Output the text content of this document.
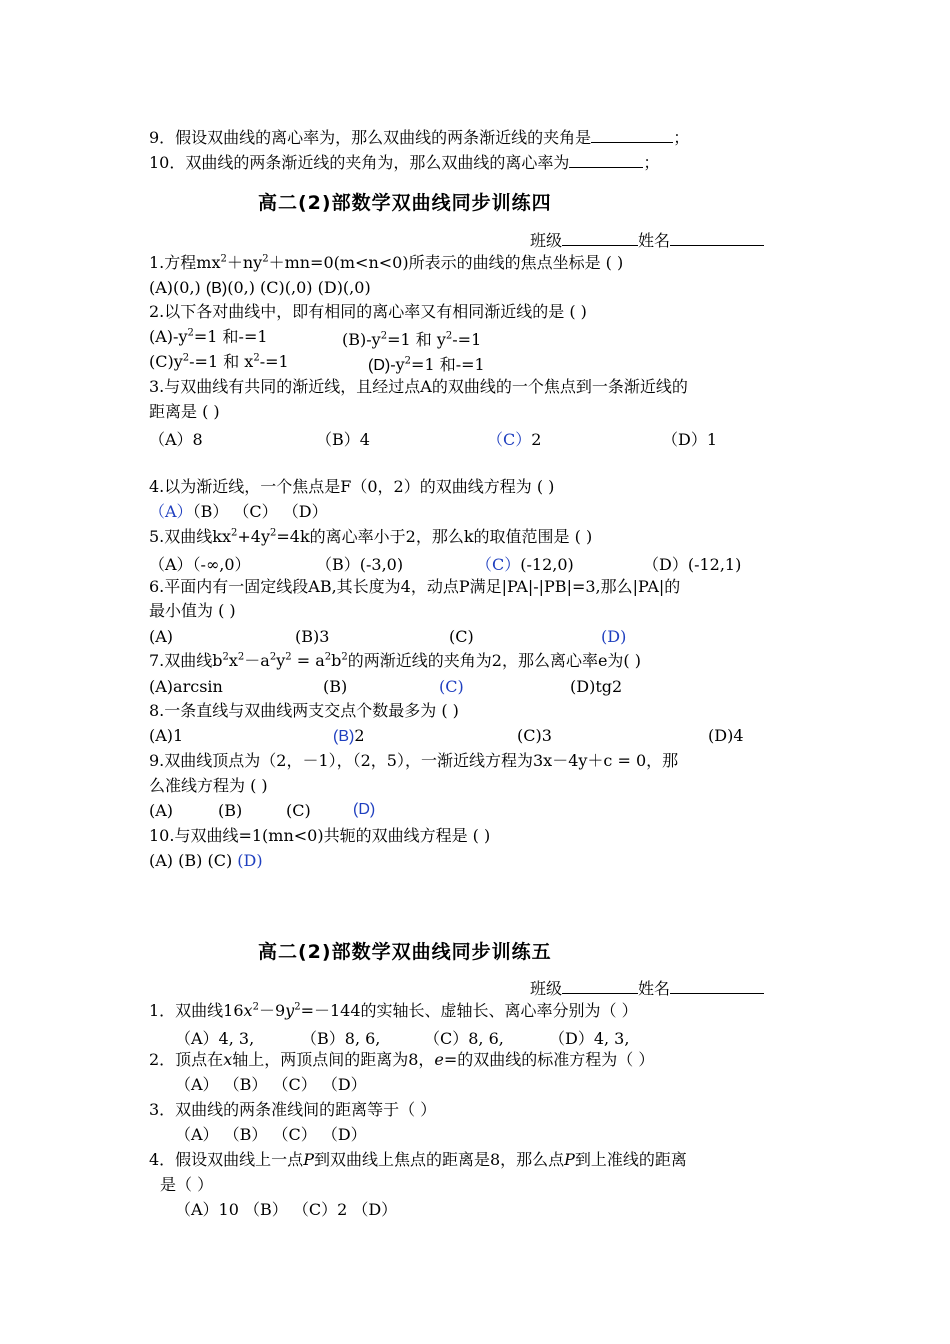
9．假设双曲线的离心率为，那么双曲线的两条渐近线的夹角是	；
10．双曲线的两条渐近线的夹角为，那么双曲线的离心率为	；
高二(2)部数学双曲线同步训练四
班级	姓名
1.方程$mx^2+ny^2+mn=0(m<n<0)$所表示的曲线的焦点坐标是 ( )
(A)(0,) (B)(0,) (C)(,0) (D)(,0)
2.以下各对曲线中，即有相同的离心率又有相同渐近线的是 ( )
$(A)-y^2=1$ 和-=1	$(B)-y^2=1$ 和 $y^2-=1$
$(C)y^2-=1$ 和 $x^2-=1$	$(D)-y^2=1$ 和-=1
3.与双曲线有共同的渐近线，且经过点A的双曲线的一个焦点到一条渐近线的
距离是 ( )
（A）8	（B）4	（C）2	（D）1
4.以为渐近线，一个焦点是F（0，2）的双曲线方程为 ( )
（A）（B） （C） （D）
5.双曲线$kx^2+4y^2=4k$的离心率小于2，那么k的取值范围是 ( )
（A）（-∞,0）	（B）(-3,0)	（C）(-12,0)	（D）(-12,1)
6.平面内有一固定线段AB,其长度为4，动点P满足|PA|-|PB|=3,那么|PA|的
最小值为 ( )
(A)	(B)3	(C)	(D)
7.双曲线$b^2x^2-a^2y^2 = a^2b^2$的两渐近线的夹角为2，那么离心率e为( )
(A)arcsin	(B)	(C)	(D)tg2
8.一条直线与双曲线两支交点个数最多为 ( )
(A)1	(B)2	(C)3	(D)4
9.双曲线顶点为（2，－1），（2，5），一渐近线方程为3x－4y＋c = 0，那
么准线方程为 ( )
(A)	(B)	(C)	(D)
10.与双曲线=1(mn<0)共轭的双曲线方程是 ( )
(A) (B) (C) (D)
高二(2)部数学双曲线同步训练五
班级	姓名
1．双曲线$16x^2-9y^2=-144$的实轴长、虚轴长、离心率分别为（ ）
（A）4, 3,	（B）8, 6,	（C）8, 6,	（D）4, 3,
2．顶点在x轴上，两顶点间的距离为8，e=的双曲线的标准方程为（ ）
（A） （B） （C） （D）
3．双曲线的两条准线间的距离等于（ ）
（A） （B） （C） （D）
4．假设双曲线上一点P到双曲线上焦点的距离是8，那么点P到上准线的距离
是（ ）
（A）10 （B） （C）2 （D）
